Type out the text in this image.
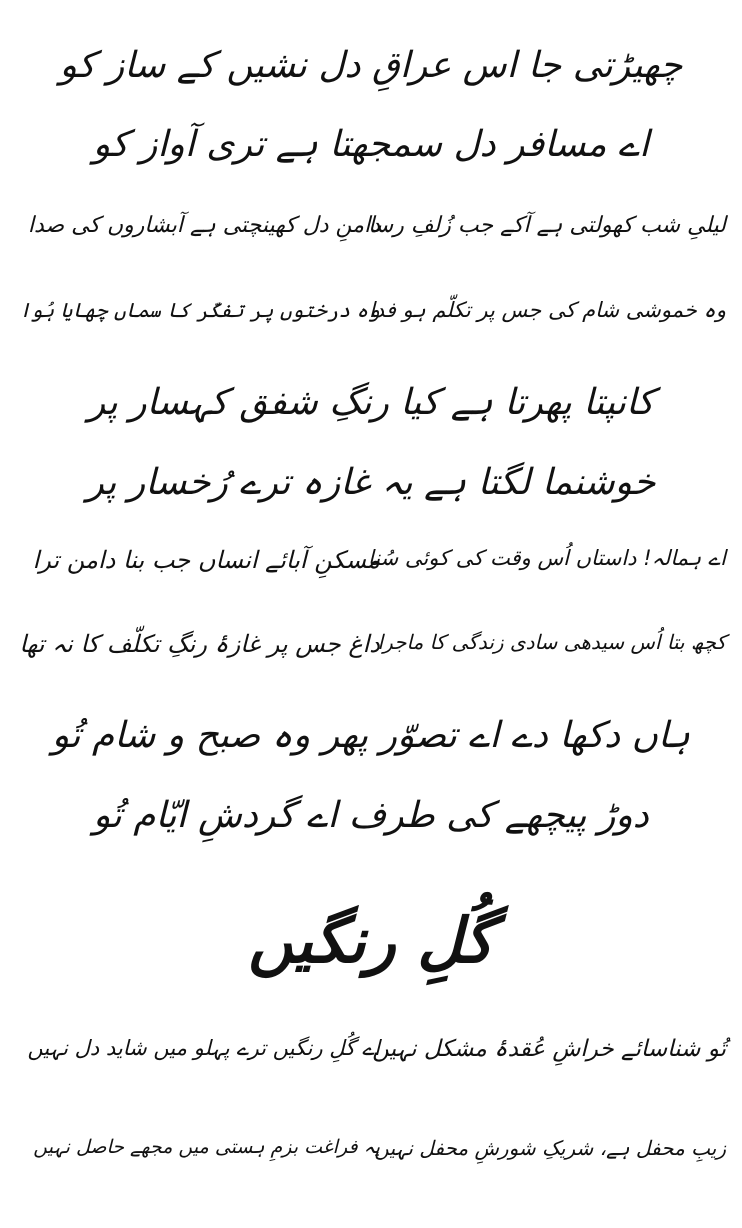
چھیڑتی جا اس عراقِ دل نشیں کے ساز کو
اے مسافر دل سمجھتا ہے تری آواز کو
لیلیِ شب کھولتی ہے آکے جب زُلفِ رسا
دامنِ دل کھینچتی ہے آبشاروں کی صدا
وہ خموشی شام کی جس پر تکلّم ہو فدا
وہ درختوں پر تفکّر کا سماں چھایا ہُوا
کانپتا پھرتا ہے کیا رنگِ شفق کہسار پر
خوشنما لگتا ہے یہ غازہ ترے رُخسار پر
اے ہمالہ! داستاں اُس وقت کی کوئی سُنا
مسکنِ آبائے انساں جب بنا دامن ترا
کچھ بتا اُس سیدھی سادی زندگی کا ماجرا
داغ جس پر غازۂ رنگِ تکلّف کا نہ تھا
ہاں دکھا دے اے تصوّر پھر وہ صبح و شام تُو
دوڑ پیچھے کی طرف اے گردشِ ایّام تُو
گُلِ رنگیں
تُو شناسائے خراشِ عُقدۂ مشکل نہیں
اے گُلِ رنگیں ترے پہلو میں شاید دل نہیں
زیبِ محفل ہے، شریکِ شورشِ محفل نہیں
یہ فراغت بزمِ ہستی میں مجھے حاصل نہیں
